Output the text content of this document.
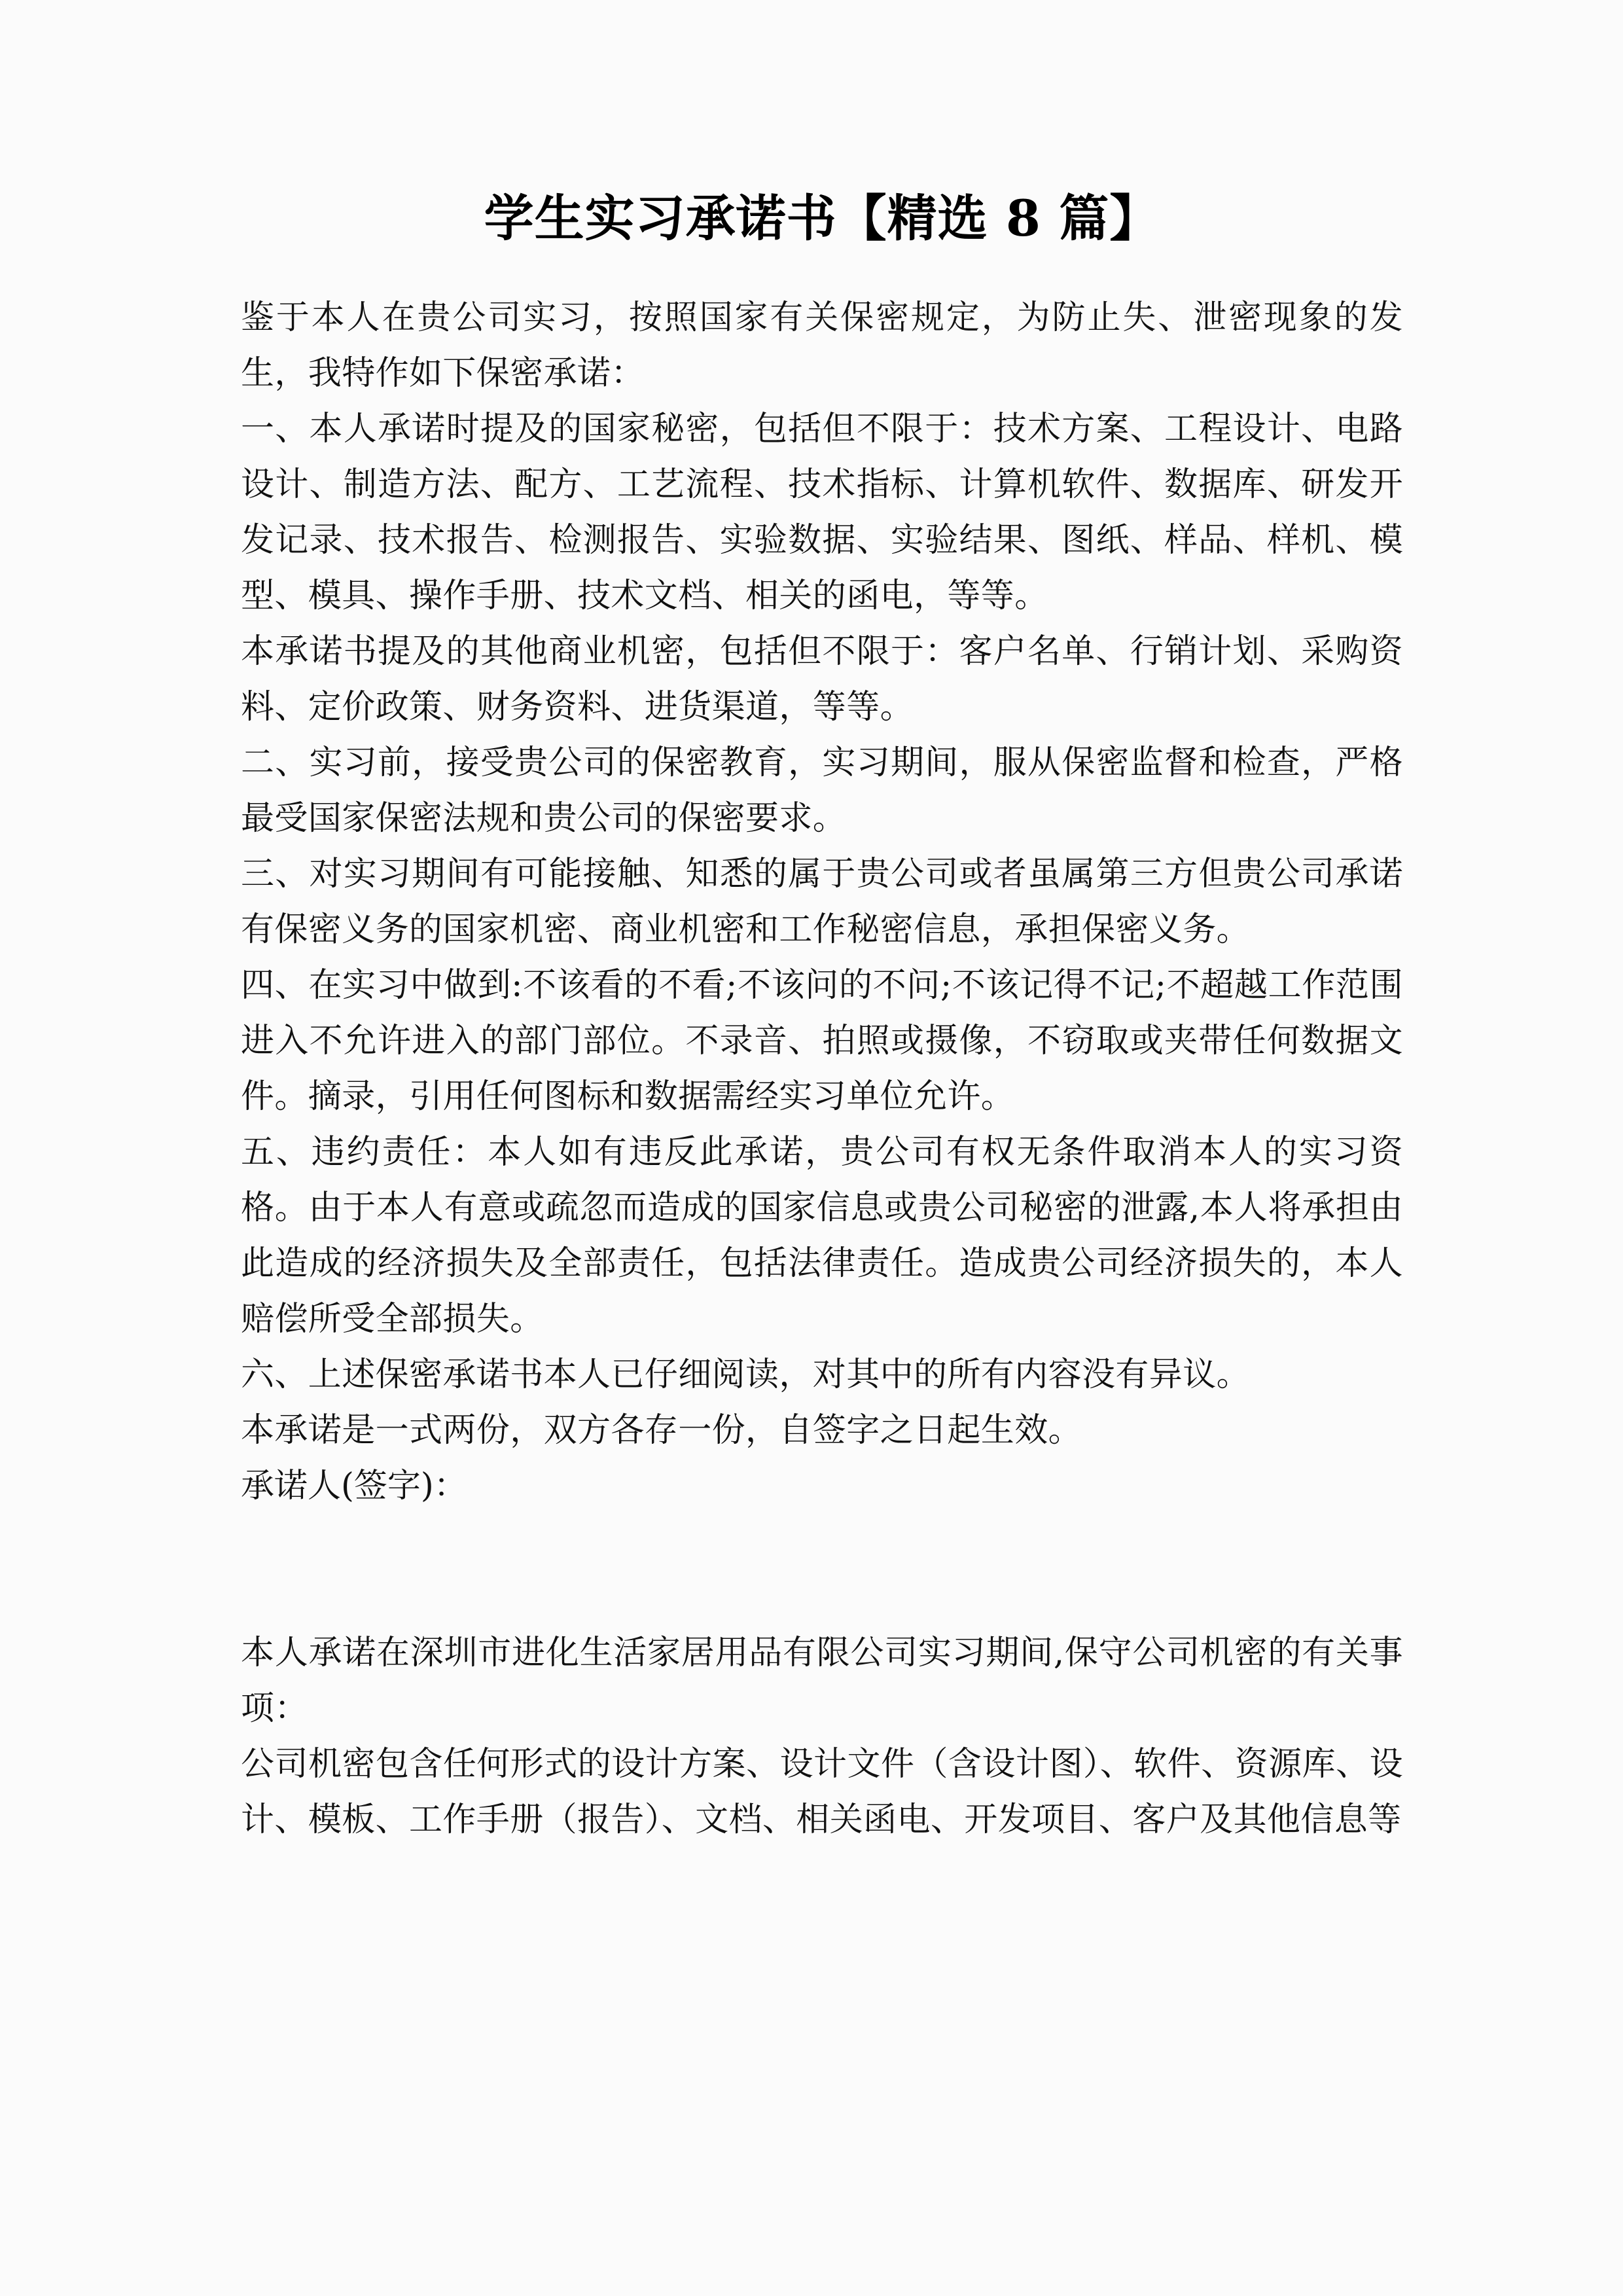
学生实习承诺书【精选 8 篇】

鉴于本人在贵公司实习，按照国家有关保密规定，为防止失、泄密现象的发生，我特作如下保密承诺：

一、本人承诺时提及的国家秘密，包括但不限于：技术方案、工程设计、电路设计、制造方法、配方、工艺流程、技术指标、计算机软件、数据库、研发开发记录、技术报告、检测报告、实验数据、实验结果、图纸、样品、样机、模型、模具、操作手册、技术文档、相关的函电，等等。

本承诺书提及的其他商业机密，包括但不限于：客户名单、行销计划、采购资料、定价政策、财务资料、进货渠道，等等。

二、实习前，接受贵公司的保密教育，实习期间，服从保密监督和检查，严格最受国家保密法规和贵公司的保密要求。

三、对实习期间有可能接触、知悉的属于贵公司或者虽属第三方但贵公司承诺有保密义务的国家机密、商业机密和工作秘密信息，承担保密义务。

四、在实习中做到:不该看的不看;不该问的不问;不该记得不记;不超越工作范围进入不允许进入的部门部位。不录音、拍照或摄像，不窃取或夹带任何数据文件。摘录，引用任何图标和数据需经实习单位允许。

五、违约责任：本人如有违反此承诺，贵公司有权无条件取消本人的实习资格。由于本人有意或疏忽而造成的国家信息或贵公司秘密的泄露,本人将承担由此造成的经济损失及全部责任，包括法律责任。造成贵公司经济损失的，本人赔偿所受全部损失。

六、上述保密承诺书本人已仔细阅读，对其中的所有内容没有异议。

本承诺是一式两份，双方各存一份，自签字之日起生效。

承诺人(签字)：

本人承诺在深圳市进化生活家居用品有限公司实习期间,保守公司机密的有关事项：

公司机密包含任何形式的设计方案、设计文件（含设计图）、软件、资源库、设计、模板、工作手册（报告）、文档、相关函电、开发项目、客户及其他信息等
